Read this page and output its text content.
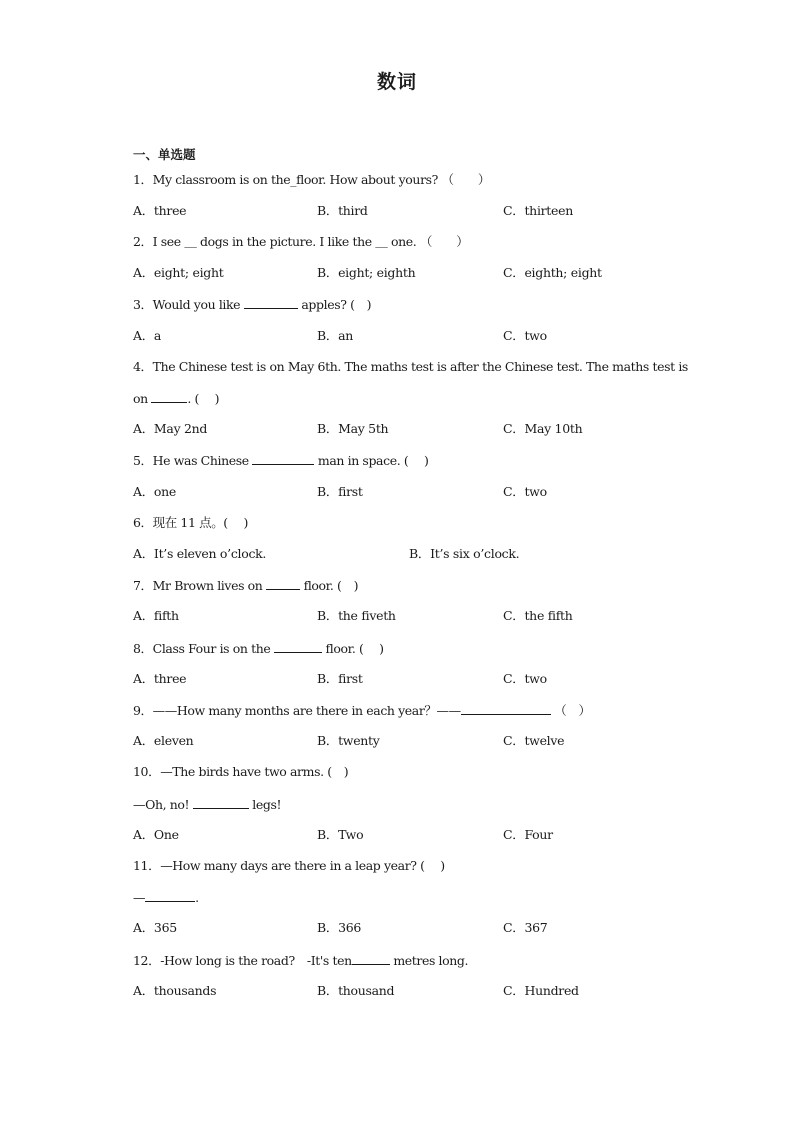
数词
一、单选题
1．My classroom is on the_floor. How about yours? （　　）
A．three	B．third	C．thirteen
2．I see ＿ dogs in the picture. I like the ＿ one. （　　）
A．eight; eight	B．eight; eighth	C．eighth; eight
3．Would you like	apples? (　)
A．a	B．an	C．two
4．The Chinese test is on May 6th. The maths test is after the Chinese test. The maths test is
on	. (　 )
A．May 2nd	B．May 5th	C．May 10th
5．He was Chinese	man in space. (　 )
A．one	B．first	C．two
6．现在 11 点。(　 )
A．It’s eleven o’clock.	B．It’s six o’clock.
7．Mr Brown lives on	floor. (　)
A．fifth	B．the fiveth	C．the fifth
8．Class Four is on the	floor. (　 )
A．three	B．first	C．two
9．——How many months are there in each year？——	（　）
A．eleven	B．twenty	C．twelve
10．—The birds have two arms. (　)
—Oh, no!	legs!
A．One	B．Two	C．Four
11．—How many days are there in a leap year? (　 )
—	.
A．365	B．366	C．367
12．-How long is the road?　-It's ten	metres long.
A．thousands	B．thousand	C．Hundred
